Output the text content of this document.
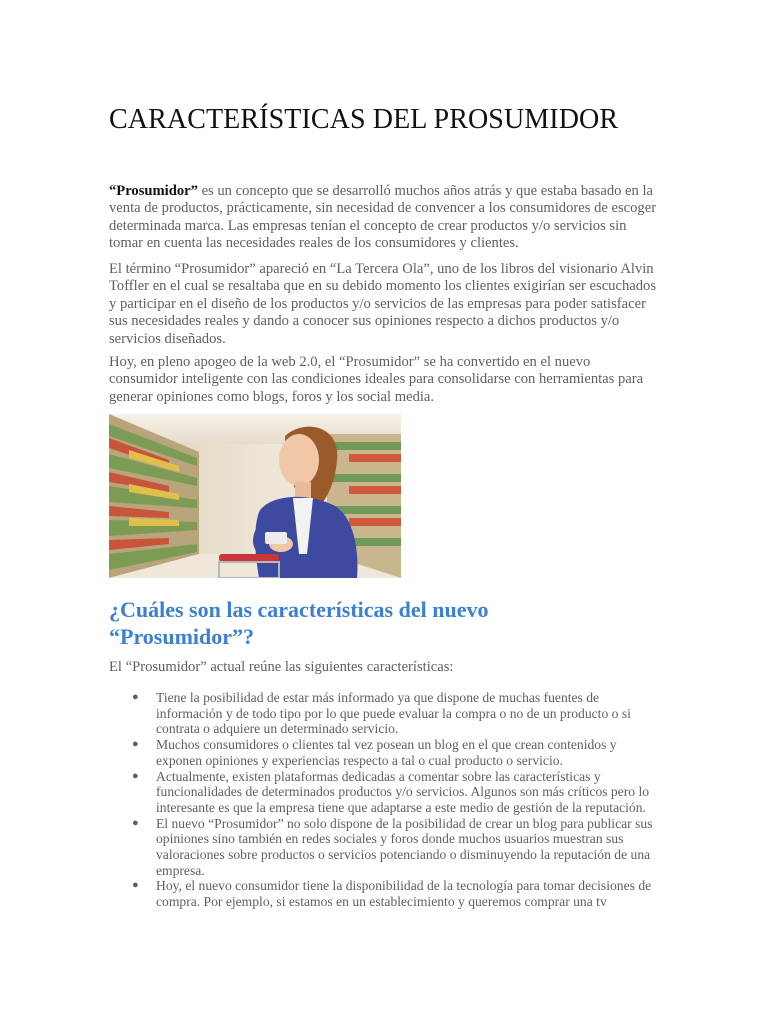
CARACTERÍSTICAS DEL PROSUMIDOR

“Prosumidor” es un concepto que se desarrolló muchos años atrás y que estaba basado en la venta de productos, prácticamente, sin necesidad de convencer a los consumidores de escoger determinada marca. Las empresas tenían el concepto de crear productos y/o servicios sin tomar en cuenta las necesidades reales de los consumidores y clientes.

El término “Prosumidor” apareció en “La Tercera Ola”, uno de los libros del visionario Alvin Toffler en el cual se resaltaba que en su debido momento los clientes exigirían ser escuchados y participar en el diseño de los productos y/o servicios de las empresas para poder satisfacer sus necesidades reales y dando a conocer sus opiniones respecto a dichos productos y/o servicios diseñados.

Hoy, en pleno apogeo de la web 2.0, el “Prosumidor” se ha convertido en el nuevo consumidor inteligente con las condiciones ideales para consolidarse con herramientas para generar opiniones como blogs, foros y los social media.

¿Cuáles son las características del nuevo “Prosumidor”?

El “Prosumidor” actual reúne las siguientes características:

● Tiene la posibilidad de estar más informado ya que dispone de muchas fuentes de información y de todo tipo por lo que puede evaluar la compra o no de un producto o si contrata o adquiere un determinado servicio.
● Muchos consumidores o clientes tal vez posean un blog en el que crean contenidos y exponen opiniones y experiencias respecto a tal o cual producto o servicio.
● Actualmente, existen plataformas dedicadas a comentar sobre las características y funcionalidades de determinados productos y/o servicios. Algunos son más críticos pero lo interesante es que la empresa tiene que adaptarse a este medio de gestión de la reputación.
● El nuevo “Prosumidor” no solo dispone de la posibilidad de crear un blog para publicar sus opiniones sino también en redes sociales y foros donde muchos usuarios muestran sus valoraciones sobre productos o servicios potenciando o disminuyendo la reputación de una empresa.
● Hoy, el nuevo consumidor tiene la disponibilidad de la tecnología para tomar decisiones de compra. Por ejemplo, si estamos en un establecimiento y queremos comprar una tv
